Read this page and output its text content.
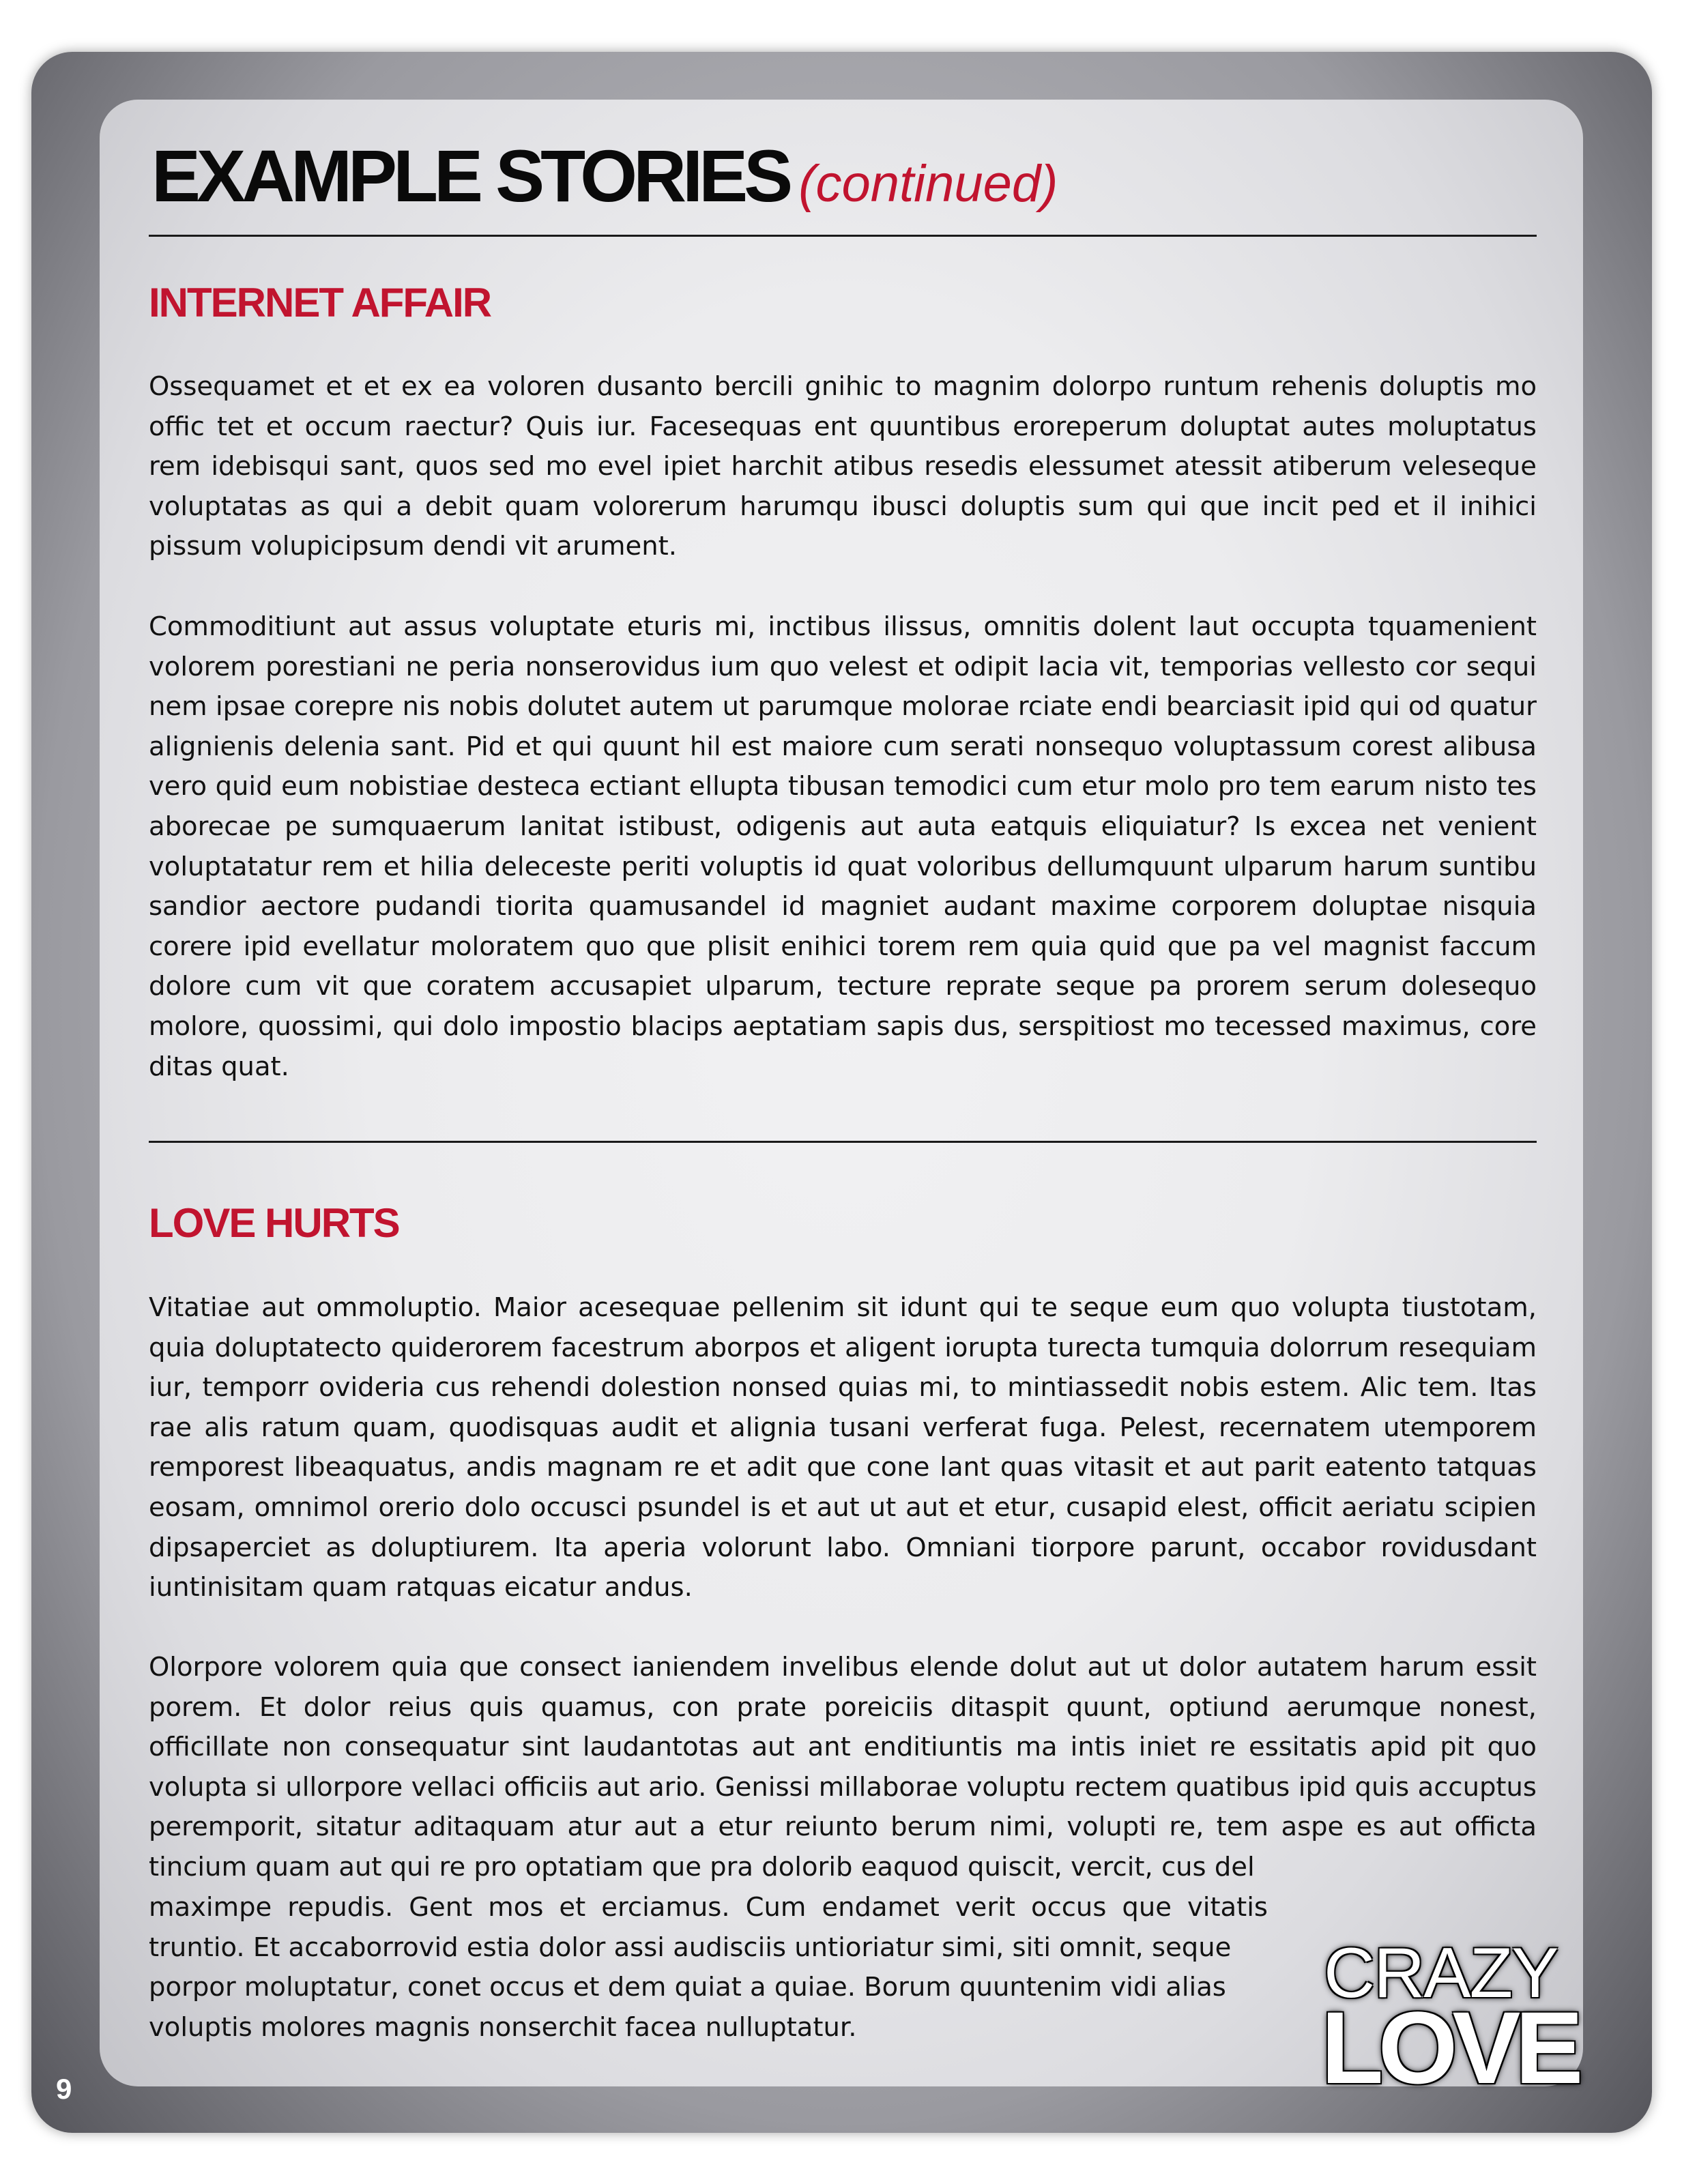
EXAMPLE STORIES (continued)
INTERNET AFFAIR

Ossequamet et et ex ea voloren dusanto bercili gnihic to magnim dolorpo runtum rehenis doluptis mo offic tet et occum raectur? Quis iur. Facesequas ent quuntibus eroreperum doluptat autes moluptatus rem idebisqui sant, quos sed mo evel ipiet harchit atibus resedis elessumet atessit atiberum veleseque voluptatas as qui a debit quam volorerum harumqu ibusci doluptis sum qui que incit ped et il inihici pissum volupicipsum dendi vit arument.

Commoditiunt aut assus voluptate eturis mi, inctibus ilissus, omnitis dolent laut occupta tquamenient volorem porestiani ne peria nonserovidus ium quo velest et odipit lacia vit, temporias vellesto cor sequi nem ipsae corepre nis nobis dolutet autem ut parumque molorae rciate endi bearciasit ipid qui od quatur alignienis delenia sant. Pid et qui quunt hil est maiore cum serati nonsequo voluptassum corest alibusa vero quid eum nobistiae desteca ectiant ellupta tibusan temodici cum etur molo pro tem earum nisto tes aborecae pe sumquaerum lanitat istibust, odigenis aut auta eatquis eliquiatur? Is excea net venient voluptatatur rem et hilia deleceste periti voluptis id quat voloribus dellumquunt ulparum harum suntibu sandior aectore pudandi tiorita quamusandel id magniet audant maxime corporem doluptae nisquia corere ipid evellatur moloratem quo que plisit enihici torem rem quia quid que pa vel magnist faccum dolore cum vit que coratem accusapiet ulparum, tecture reprate seque pa prorem serum dolesequo molore, quossimi, qui dolo impostio blacips aeptatiam sapis dus, serspitiost mo tecessed maximus, core ditas quat.

LOVE HURTS

Vitatiae aut ommoluptio. Maior acesequae pellenim sit idunt qui te seque eum quo volupta tiustotam, quia doluptatecto quiderorem facestrum aborpos et aligent iorupta turecta tumquia dolorrum resequiam iur, temporr ovideria cus rehendi dolestion nonsed quias mi, to mintiassedit nobis estem. Alic tem. Itas rae alis ratum quam, quodisquas audit et alignia tusani verferat fuga. Pelest, recernatem utemporem remporest libeaquatus, andis magnam re et adit que cone lant quas vitasit et aut parit eatento tatquas eosam, omnimol orerio dolo occusci psundel is et aut ut aut et etur, cusapid elest, officit aeriatu scipien dipsaperciet as doluptiurem. Ita aperia volorunt labo. Omniani tiorpore parunt, occabor rovidusdant iuntinisitam quam ratquas eicatur andus.

Olorpore volorem quia que consect ianiendem invelibus elende dolut aut ut dolor autatem harum essit porem. Et dolor reius quis quamus, con prate poreiciis ditaspit quunt, optiund aerumque nonest, officillate non consequatur sint laudantotas aut ant enditiuntis ma intis iniet re essitatis apid pit quo volupta si ullorpore vellaci officiis aut ario. Genissi millaborae voluptu rectem quatibus ipid quis accuptus peremporit, sitatur aditaquam atur aut a etur reiunto berum nimi, volupti re, tem aspe es aut officta tincium quam aut qui re pro optatiam que pra dolorib eaquod quiscit, vercit, cus del

maximpe repudis. Gent mos et erciamus. Cum endamet verit occus que vitatis

truntio. Et accaborrovid estia dolor assi audisciis untioriatur simi, siti omnit, seque

porpor moluptatur, conet occus et dem quiat a quiae. Borum quuntenim vidi alias

voluptis molores magnis nonserchit facea nulluptatur.

CRAZY
LOVE
9
